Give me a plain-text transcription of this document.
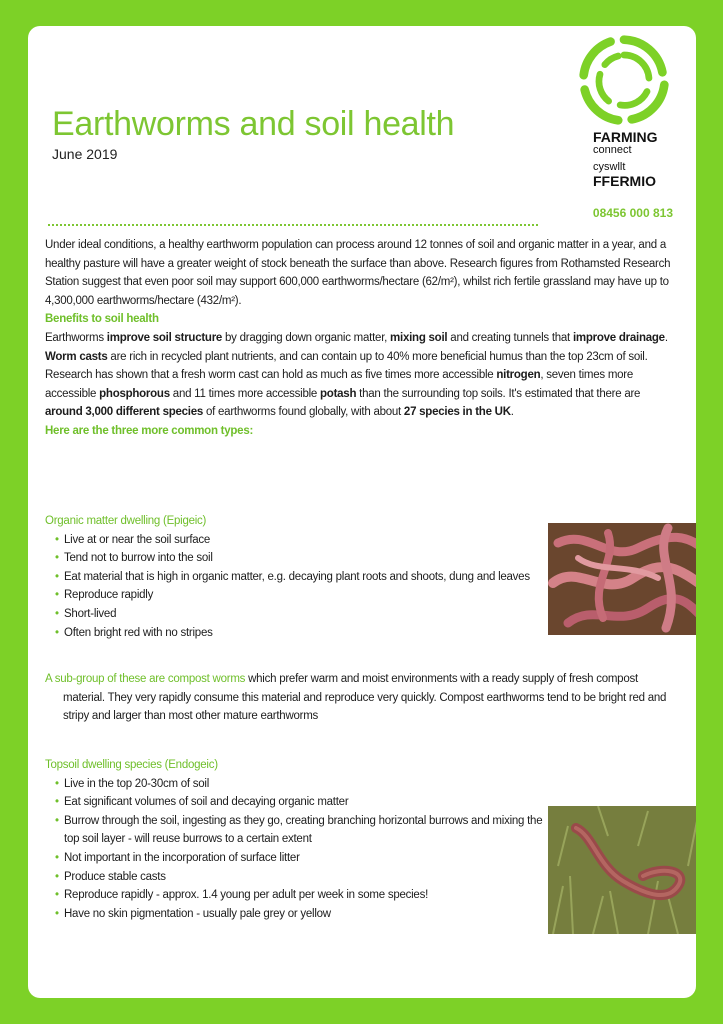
Earthworms and soil health
June 2019
FARMING
connect
cyswllt
FFERMIO
08456 000 813

Under ideal conditions, a healthy earthworm population can process around 12 tonnes of soil and organic matter in a year, and a healthy pasture will have a greater weight of stock beneath the surface than above. Research figures from Rothamsted Research Station suggest that even poor soil may support 600,000 earthworms/hectare (62/m²), whilst rich fertile grassland may have up to 4,300,000 earthworms/hectare (432/m²).

Benefits to soil health

Earthworms improve soil structure by dragging down organic matter, mixing soil and creating tunnels that improve drainage. Worm casts are rich in recycled plant nutrients, and can contain up to 40% more beneficial humus than the top 23cm of soil. Research has shown that a fresh worm cast can hold as much as five times more accessible nitrogen, seven times more accessible phosphorous and 11 times more accessible potash than the surrounding top soils. It's estimated that there are around 3,000 different species of earthworms found globally, with about 27 species in the UK.

Here are the three more common types:

Organic matter dwelling (Epigeic)

• Live at or near the soil surface
• Tend not to burrow into the soil
• Eat material that is high in organic matter, e.g. decaying plant roots and shoots, dung and leaves
• Reproduce rapidly
• Short-lived
• Often bright red with no stripes

A sub-group of these are compost worms which prefer warm and moist environments with a ready supply of fresh compost material. They very rapidly consume this material and reproduce very quickly. Compost earthworms tend to be bright red and stripy and larger than most other mature earthworms

Topsoil dwelling species (Endogeic)

• Live in the top 20-30cm of soil
• Eat significant volumes of soil and decaying organic matter
• Burrow through the soil, ingesting as they go, creating branching horizontal burrows and mixing the top soil layer - will reuse burrows to a certain extent
• Not important in the incorporation of surface litter
• Produce stable casts
• Reproduce rapidly - approx. 1.4 young per adult per week in some species!
• Have no skin pigmentation - usually pale grey or yellow
